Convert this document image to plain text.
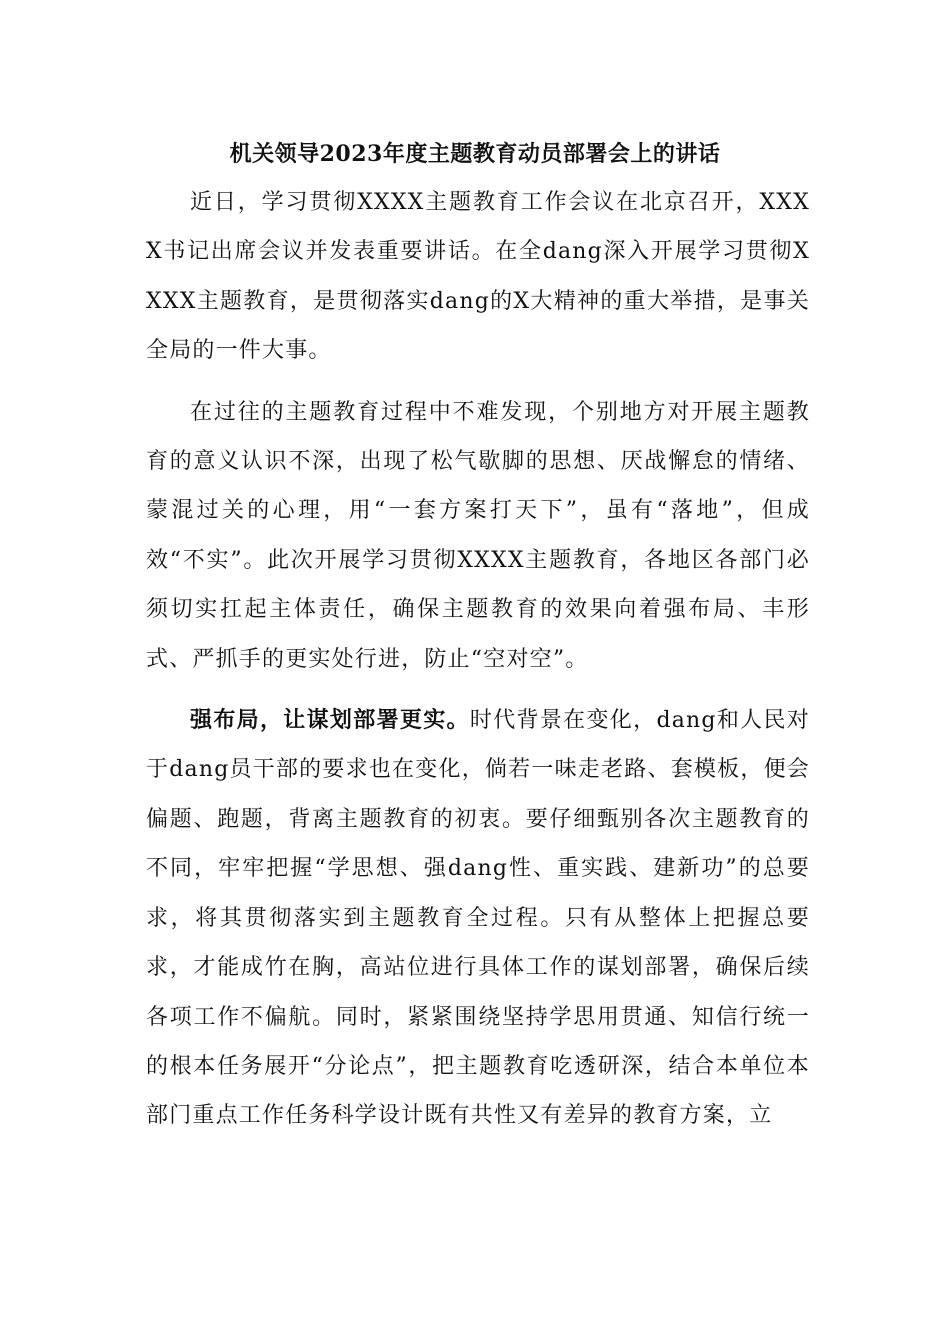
机关领导2023年度主题教育动员部署会上的讲话

近日，学习贯彻XXXX主题教育工作会议在北京召开，XXXX书记出席会议并发表重要讲话。在全dang深入开展学习贯彻XXXX主题教育，是贯彻落实dang的X大精神的重大举措，是事关全局的一件大事。

在过往的主题教育过程中不难发现，个别地方对开展主题教育的意义认识不深，出现了松气歇脚的思想、厌战懈怠的情绪、蒙混过关的心理，用“一套方案打天下”，虽有“落地”，但成效“不实”。此次开展学习贯彻XXXX主题教育，各地区各部门必须切实扛起主体责任，确保主题教育的效果向着强布局、丰形式、严抓手的更实处行进，防止“空对空”。

强布局，让谋划部署更实。时代背景在变化，dang和人民对于dang员干部的要求也在变化，倘若一味走老路、套模板，便会偏题、跑题，背离主题教育的初衷。要仔细甄别各次主题教育的不同，牢牢把握“学思想、强dang性、重实践、建新功”的总要求，将其贯彻落实到主题教育全过程。只有从整体上把握总要求，才能成竹在胸，高站位进行具体工作的谋划部署，确保后续各项工作不偏航。同时，紧紧围绕坚持学思用贯通、知信行统一的根本任务展开“分论点”，把主题教育吃透研深，结合本单位本部门重点工作任务科学设计既有共性又有差异的教育方案，立
